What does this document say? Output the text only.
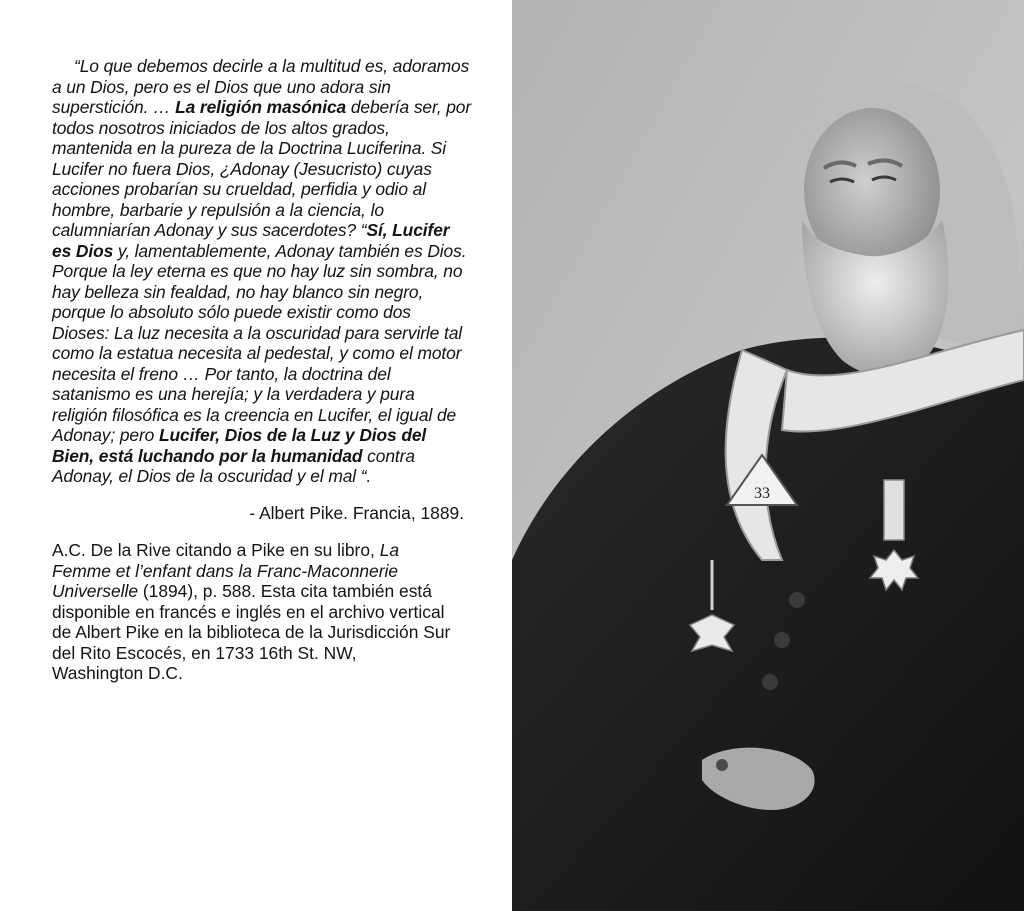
“Lo que debemos decirle a la multitud es, adoramos a un Dios, pero es el Dios que uno adora sin superstición. … La religión masónica debería ser, por todos nosotros iniciados de los altos grados, mantenida en la pureza de la Doctrina Luciferina. Si Lucifer no fuera Dios, ¿Adonay (Jesucristo) cuyas acciones probarían su crueldad, perfidia y odio al hombre, barbarie y repulsión a la ciencia, lo calumniarían Adonay y sus sacerdotes? “Sí, Lucifer es Dios y, lamentablemente, Adonay también es Dios. Porque la ley eterna es que no hay luz sin sombra, no hay belleza sin fealdad, no hay blanco sin negro, porque lo absoluto sólo puede existir como dos Dioses: La luz necesita a la oscuridad para servirle tal como la estatua necesita al pedestal, y como el motor necesita el freno … Por tanto, la doctrina del satanismo es una herejía; y la verdadera y pura religión filosófica es la creencia en Lucifer, el igual de Adonay; pero Lucifer, Dios de la Luz y Dios del Bien, está luchando por la humanidad contra Adonay, el Dios de la oscuridad y el mal “.

- Albert Pike. Francia, 1889.

A.C. De la Rive citando a Pike en su libro, La Femme et l’enfant dans la Franc-Maconnerie Universelle (1894), p. 588. Esta cita también está disponible en francés e inglés en el archivo vertical de Albert Pike en la biblioteca de la Jurisdicción Sur del Rito Escocés, en 1733 16th St. NW, Washington D.C.

33
